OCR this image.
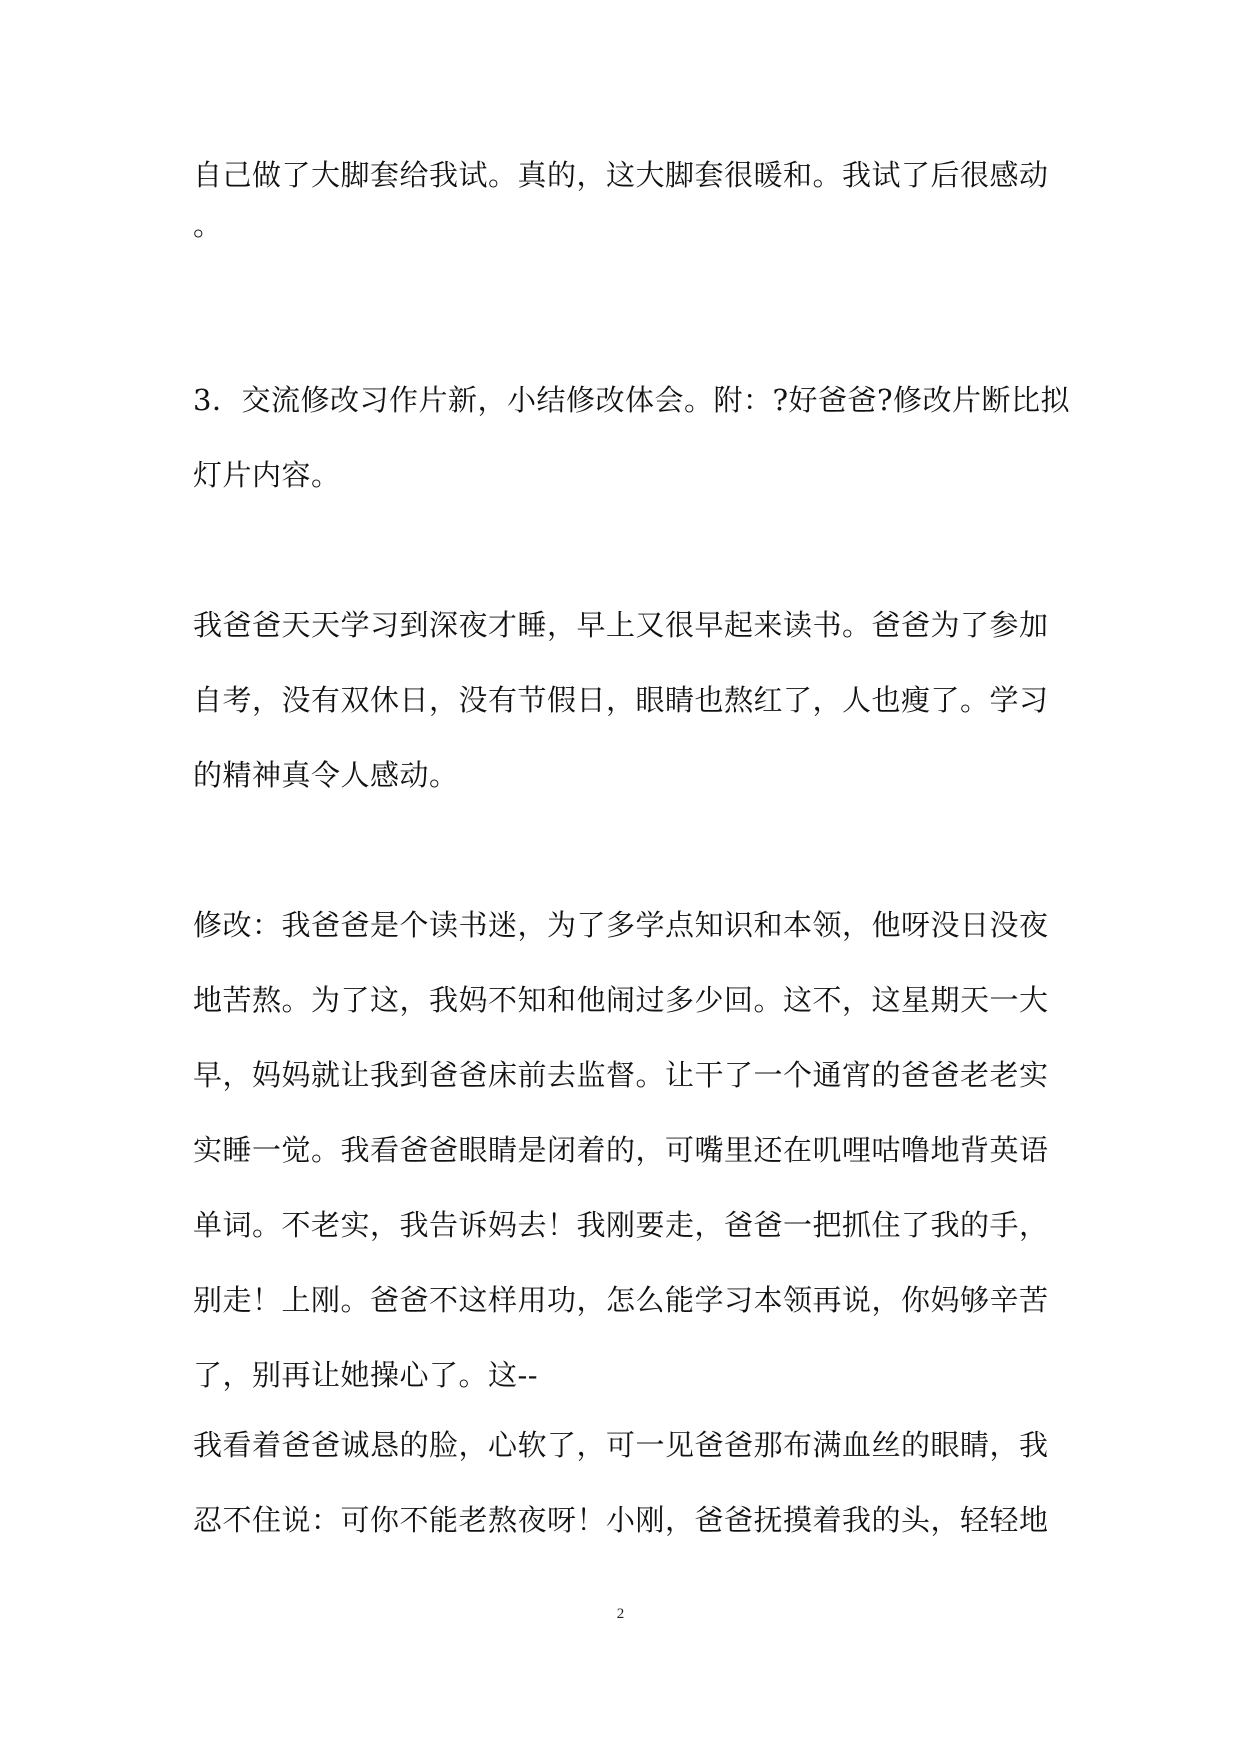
自己做了大脚套给我试。真的，这大脚套很暖和。我试了后很感动
。
3．交流修改习作片新，小结修改体会。附：?好爸爸?修改片断比拟
灯片内容。
我爸爸天天学习到深夜才睡，早上又很早起来读书。爸爸为了参加
自考，没有双休日，没有节假日，眼睛也熬红了，人也瘦了。学习
的精神真令人感动。
修改：我爸爸是个读书迷，为了多学点知识和本领，他呀没日没夜
地苦熬。为了这，我妈不知和他闹过多少回。这不，这星期天一大
早，妈妈就让我到爸爸床前去监督。让干了一个通宵的爸爸老老实
实睡一觉。我看爸爸眼睛是闭着的，可嘴里还在叽哩咕噜地背英语
单词。不老实，我告诉妈去！我刚要走，爸爸一把抓住了我的手，
别走！上刚。爸爸不这样用功，怎么能学习本领再说，你妈够辛苦
了，别再让她操心了。这--
我看着爸爸诚恳的脸，心软了，可一见爸爸那布满血丝的眼睛，我
忍不住说：可你不能老熬夜呀！小刚，爸爸抚摸着我的头，轻轻地
2
